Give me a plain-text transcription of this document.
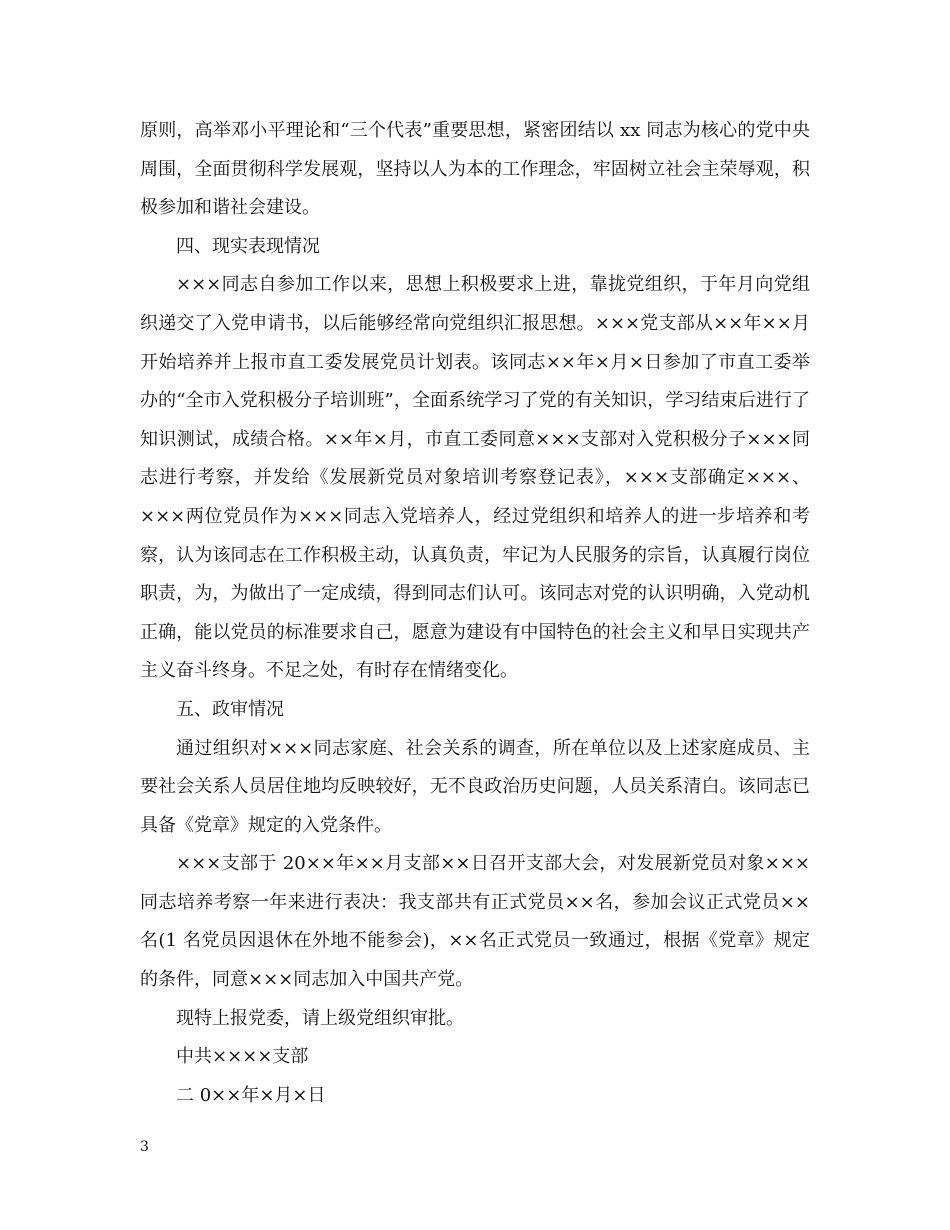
原则，高举邓小平理论和“三个代表”重要思想，紧密团结以 xx 同志为核心的党中央周围，全面贯彻科学发展观，坚持以人为本的工作理念，牢固树立社会主荣辱观，积极参加和谐社会建设。

四、现实表现情况

×××同志自参加工作以来，思想上积极要求上进，靠拢党组织，于年月向党组织递交了入党申请书，以后能够经常向党组织汇报思想。×××党支部从××年××月开始培养并上报市直工委发展党员计划表。该同志××年×月×日参加了市直工委举办的“全市入党积极分子培训班”，全面系统学习了党的有关知识，学习结束后进行了知识测试，成绩合格。××年×月，市直工委同意×××支部对入党积极分子×××同志进行考察，并发给《发展新党员对象培训考察登记表》，×××支部确定×××、×××两位党员作为×××同志入党培养人，经过党组织和培养人的进一步培养和考察，认为该同志在工作积极主动，认真负责，牢记为人民服务的宗旨，认真履行岗位职责，为，为做出了一定成绩，得到同志们认可。该同志对党的认识明确，入党动机正确，能以党员的标准要求自己，愿意为建设有中国特色的社会主义和早日实现共产主义奋斗终身。不足之处，有时存在情绪变化。

五、政审情况

通过组织对×××同志家庭、社会关系的调查，所在单位以及上述家庭成员、主要社会关系人员居住地均反映较好，无不良政治历史问题，人员关系清白。该同志已具备《党章》规定的入党条件。

×××支部于 20××年××月支部××日召开支部大会，对发展新党员对象×××同志培养考察一年来进行表决：我支部共有正式党员××名，参加会议正式党员××名(1 名党员因退休在外地不能参会)，××名正式党员一致通过，根据《党章》规定的条件，同意×××同志加入中国共产党。

现特上报党委，请上级党组织审批。

中共××××支部

二 0××年×月×日

3
